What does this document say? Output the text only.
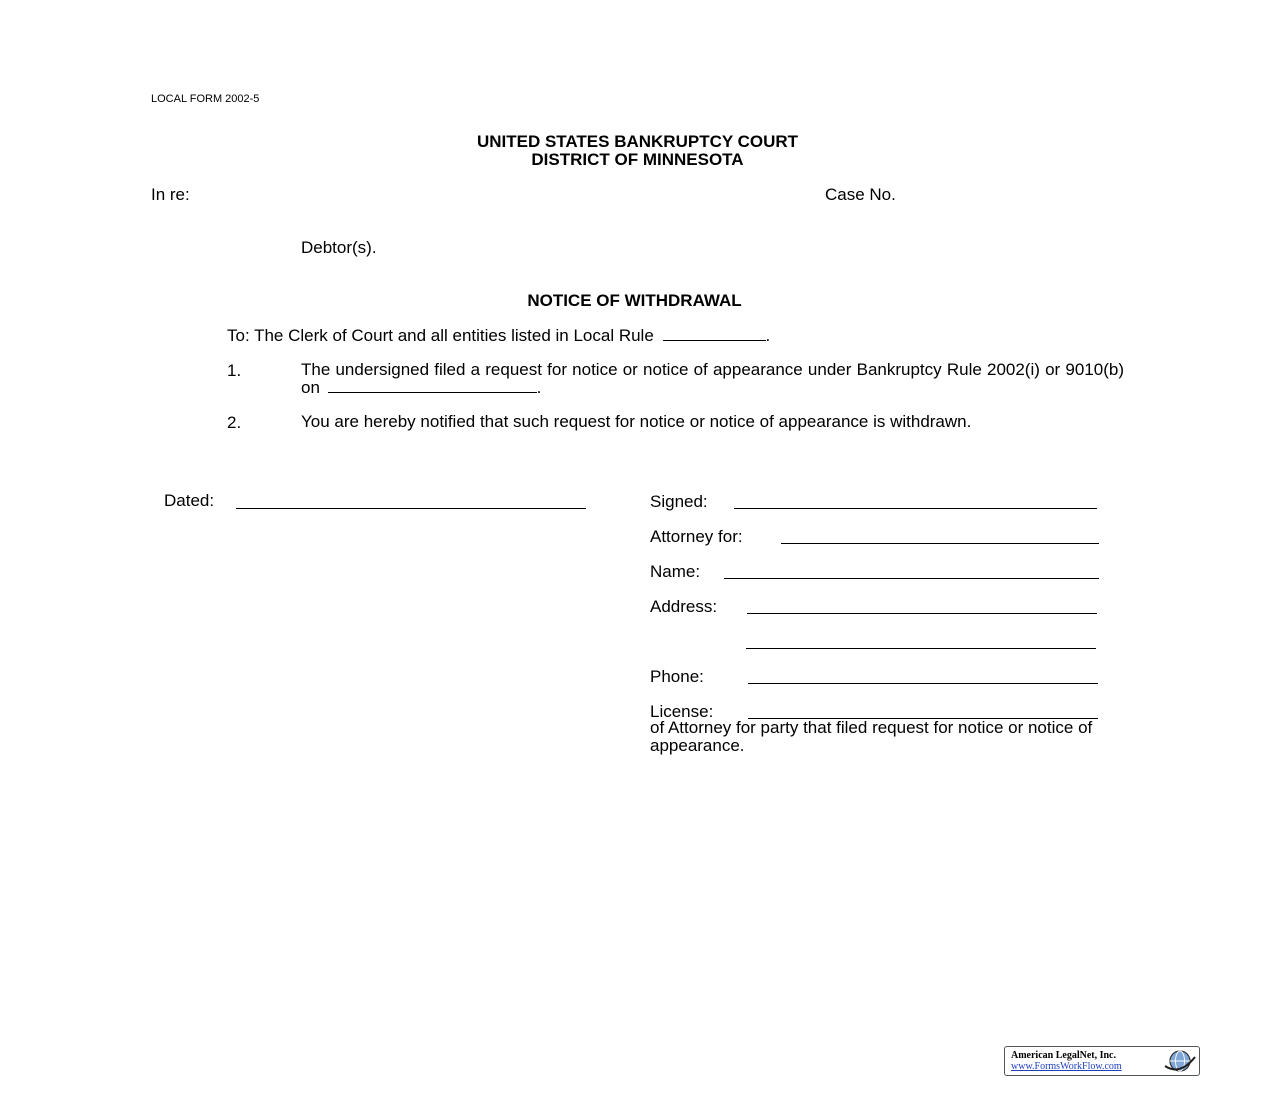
LOCAL FORM 2002-5
UNITED STATES BANKRUPTCY COURT
DISTRICT OF MINNESOTA
In re:	Case No.
Debtor(s).
NOTICE OF WITHDRAWAL
To: The Clerk of Court and all entities listed in Local Rule	.
1.	The undersigned filed a request for notice or notice of appearance under Bankruptcy Rule 2002(i) or 9010(b) on	.
2.	You are hereby notified that such request for notice or notice of appearance is withdrawn.
Dated:	Signed:
Attorney for:
Name:
Address:
Phone:
License:
of Attorney for party that filed request for notice or notice of appearance.
American LegalNet, Inc.
www.FormsWorkFlow.com
